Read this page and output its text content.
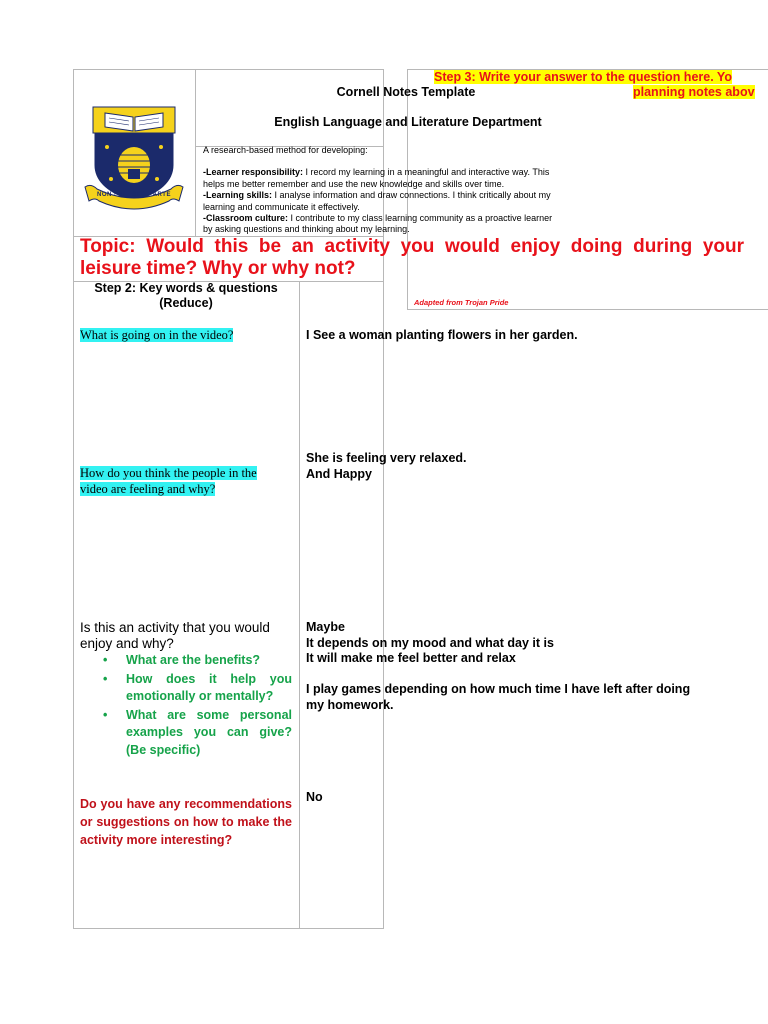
NON · VI · SED · ARTE
Cornell Notes Template
English Language and Literature Department
A research-based method for developing:
-Learner responsibility: I record my learning in a meaningful and interactive way. This
helps me better remember and use the new knowledge and skills over time.
-Learning skills: I analyse information and draw connections. I think critically about my
learning and communicate it effectively.
-Classroom culture: I contribute to my class learning community as a proactive learner
by asking questions and thinking about my learning.
Step 3: Write your answer to the question here. Yo
planning notes abov
Adapted from Trojan Pride
Topic: Would this be an activity you would enjoy doing during your leisure time? Why or why not?
Step 2: Key words & questions
(Reduce)
What is going on in the video?
How do you think the people in the
video are feeling and why?
Is this an activity that you would
enjoy and why?
• What are the benefits?
• How does it help you emotionally or mentally?
• What are some personal examples you can give? (Be specific)
Do you have any recommendations or suggestions on how to make the activity more interesting?
I See a woman planting flowers in her garden.
She is feeling very relaxed.
And Happy
Maybe
It depends on my mood and what day it is
It will make me feel better and relax
I play games depending on how much time I have left after doing
my homework.
No
